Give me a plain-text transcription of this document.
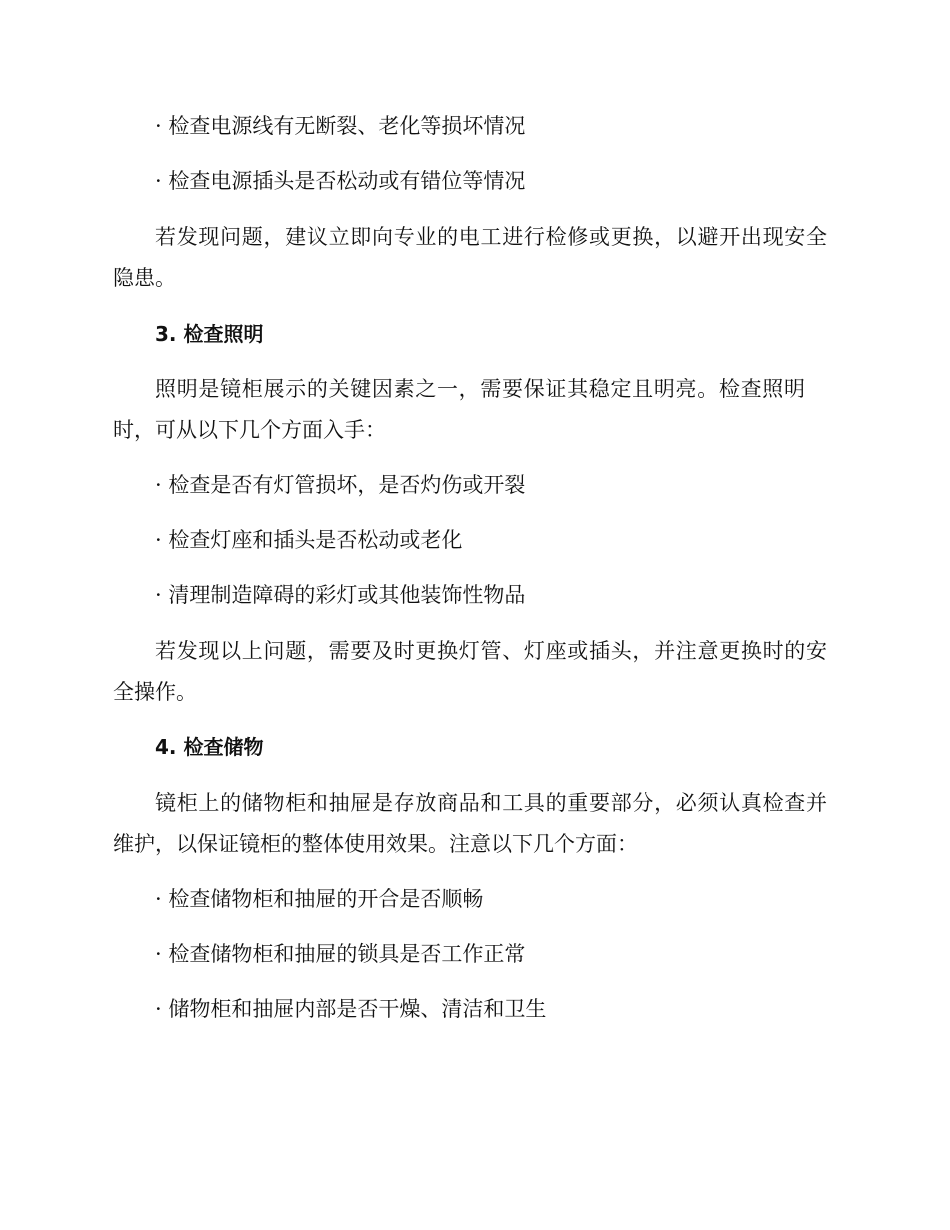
· 检查电源线有无断裂、老化等损坏情况
· 检查电源插头是否松动或有错位等情况
若发现问题，建议立即向专业的电工进行检修或更换，以避开出现安全
隐患。
3. 检查照明
照明是镜柜展示的关键因素之一，需要保证其稳定且明亮。检查照明
时，可从以下几个方面入手：
· 检查是否有灯管损坏，是否灼伤或开裂
· 检查灯座和插头是否松动或老化
· 清理制造障碍的彩灯或其他装饰性物品
若发现以上问题，需要及时更换灯管、灯座或插头，并注意更换时的安
全操作。
4. 检查储物
镜柜上的储物柜和抽屉是存放商品和工具的重要部分，必须认真检查并
维护，以保证镜柜的整体使用效果。注意以下几个方面：
· 检查储物柜和抽屉的开合是否顺畅
· 检查储物柜和抽屉的锁具是否工作正常
· 储物柜和抽屉内部是否干燥、清洁和卫生
